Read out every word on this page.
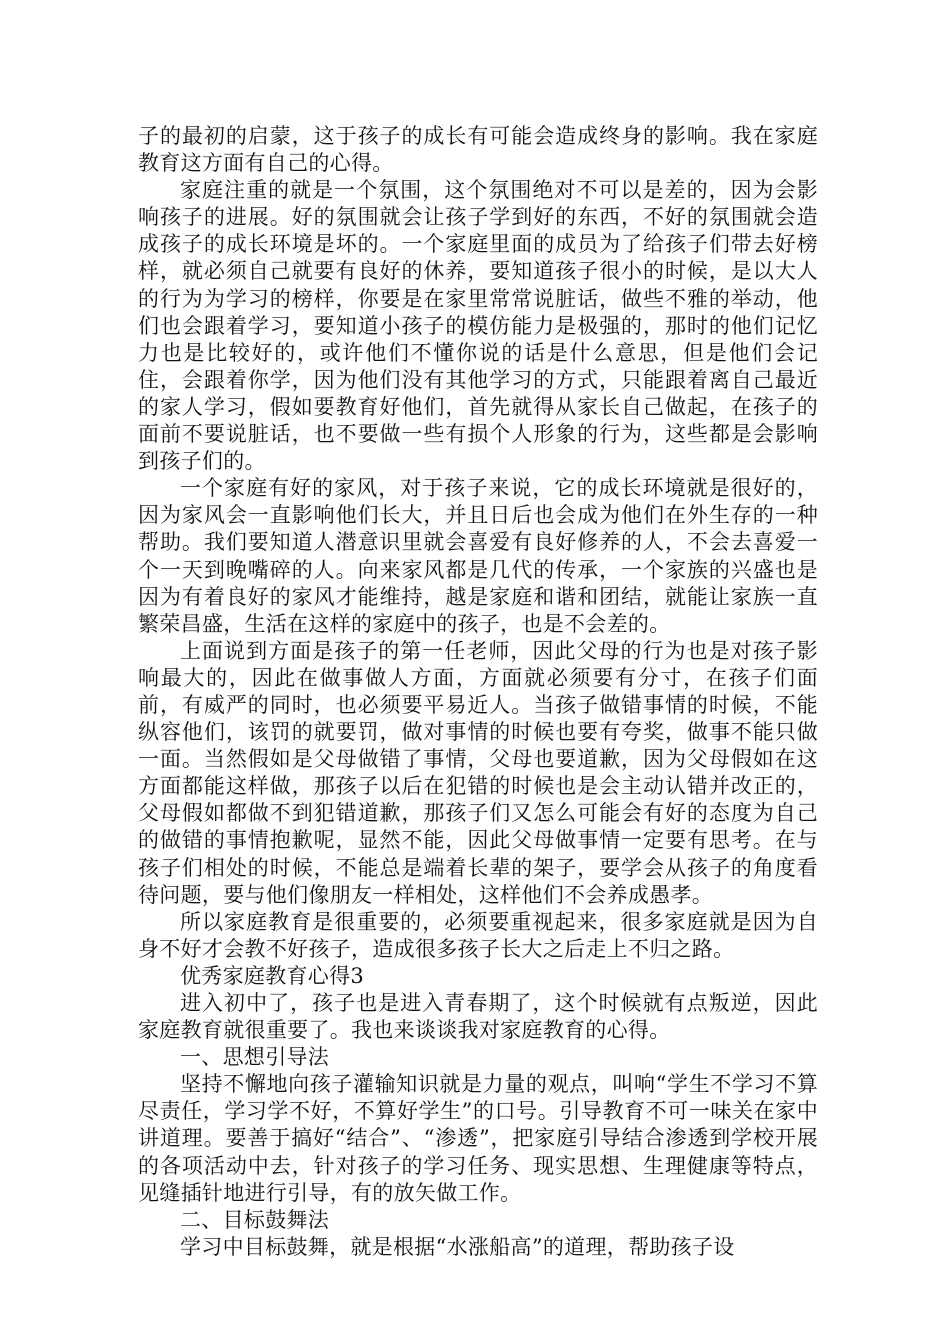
子的最初的启蒙，这于孩子的成长有可能会造成终身的影响。我在家庭教育这方面有自己的心得。

家庭注重的就是一个氛围，这个氛围绝对不可以是差的，因为会影响孩子的进展。好的氛围就会让孩子学到好的东西，不好的氛围就会造成孩子的成长环境是坏的。一个家庭里面的成员为了给孩子们带去好榜样，就必须自己就要有良好的休养，要知道孩子很小的时候，是以大人的行为为学习的榜样，你要是在家里常常说脏话，做些不雅的举动，他们也会跟着学习，要知道小孩子的模仿能力是极强的，那时的他们记忆力也是比较好的，或许他们不懂你说的话是什么意思，但是他们会记住，会跟着你学，因为他们没有其他学习的方式，只能跟着离自己最近的家人学习，假如要教育好他们，首先就得从家长自己做起，在孩子的面前不要说脏话，也不要做一些有损个人形象的行为，这些都是会影响到孩子们的。

一个家庭有好的家风，对于孩子来说，它的成长环境就是很好的，因为家风会一直影响他们长大，并且日后也会成为他们在外生存的一种帮助。我们要知道人潜意识里就会喜爱有良好修养的人，不会去喜爱一个一天到晚嘴碎的人。向来家风都是几代的传承，一个家族的兴盛也是因为有着良好的家风才能维持，越是家庭和谐和团结，就能让家族一直繁荣昌盛，生活在这样的家庭中的孩子，也是不会差的。

上面说到方面是孩子的第一任老师，因此父母的行为也是对孩子影响最大的，因此在做事做人方面，方面就必须要有分寸，在孩子们面前，有威严的同时，也必须要平易近人。当孩子做错事情的时候，不能纵容他们，该罚的就要罚，做对事情的时候也要有夸奖，做事不能只做一面。当然假如是父母做错了事情，父母也要道歉，因为父母假如在这方面都能这样做，那孩子以后在犯错的时候也是会主动认错并改正的，父母假如都做不到犯错道歉，那孩子们又怎么可能会有好的态度为自己的做错的事情抱歉呢，显然不能，因此父母做事情一定要有思考。在与孩子们相处的时候，不能总是端着长辈的架子，要学会从孩子的角度看待问题，要与他们像朋友一样相处，这样他们不会养成愚孝。

所以家庭教育是很重要的，必须要重视起来，很多家庭就是因为自身不好才会教不好孩子，造成很多孩子长大之后走上不归之路。

优秀家庭教育心得3

进入初中了，孩子也是进入青春期了，这个时候就有点叛逆，因此家庭教育就很重要了。我也来谈谈我对家庭教育的心得。

一、思想引导法

坚持不懈地向孩子灌输知识就是力量的观点，叫响“学生不学习不算尽责任，学习学不好，不算好学生”的口号。引导教育不可一味关在家中讲道理。要善于搞好“结合”、“渗透”，把家庭引导结合渗透到学校开展的各项活动中去，针对孩子的学习任务、现实思想、生理健康等特点，见缝插针地进行引导，有的放矢做工作。

二、目标鼓舞法

学习中目标鼓舞，就是根据“水涨船高”的道理，帮助孩子设
